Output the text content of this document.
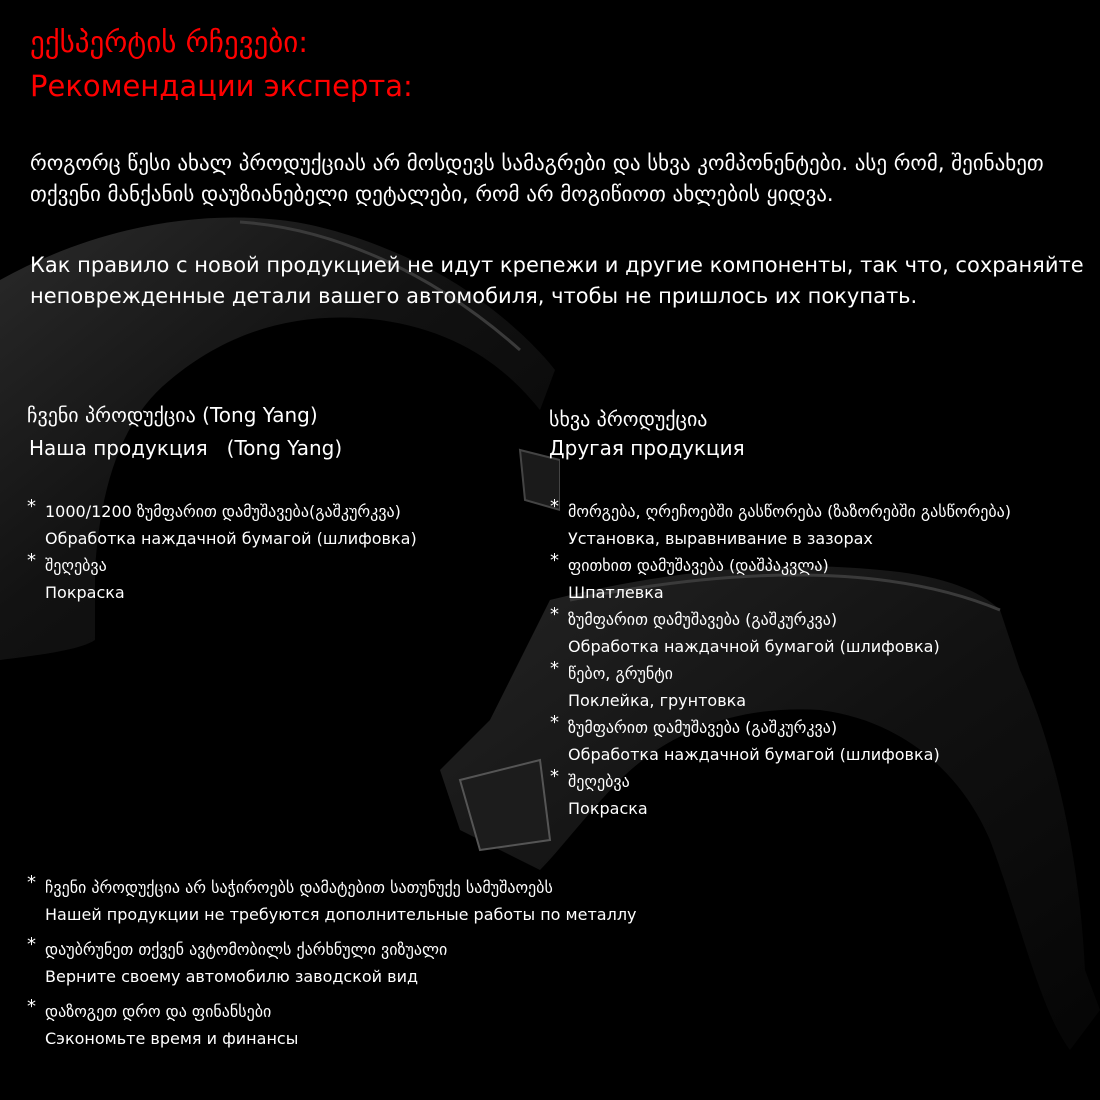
ექსპერტის რჩევები:
Рекомендации эксперта:
როგორც წესი ახალ პროდუქციას არ მოსდევს სამაგრები და სხვა კომპონენტები. ასე რომ, შეინახეთ თქვენი მანქანის დაუზიანებელი დეტალები, რომ არ მოგიწიოთ ახლების ყიდვა.
Как правило с новой продукцией не идут крепежи и другие компоненты, так что, сохраняйте неповрежденные детали вашего автомобиля, чтобы не пришлось их покупать.
ჩვენი პროდუქცია (Tong Yang)
Наша продукция   (Tong Yang)
სხვა პროდუქცია
Другая продукция
* 1000/1200 ზუმფარით დამუშავება(გაშკურკვა)
Обработка наждачной бумагой (шлифовка)
* შეღებვა
Покраска
* მორგება, ღრეჩოებში გასწორება (ზაზორებში გასწორება)
Установка, выравнивание в зазорах
* ფითხით დამუშავება (დაშპაკვლა)
Шпатлевка
* ზუმფარით დამუშავება (გაშკურკვა)
Обработка наждачной бумагой (шлифовка)
* წებო, გრუნტი
Поклейка, грунтовка
* ზუმფარით დამუშავება (გაშკურკვა)
Обработка наждачной бумагой (шлифовка)
* შეღებვა
Покраска
* ჩვენი პროდუქცია არ საჭიროებს დამატებით სათუნუქე სამუშაოებს
Нашей продукции не требуются дополнительные работы по металлу
* დაუბრუნეთ თქვენ ავტომობილს ქარხნული ვიზუალი
Верните своему автомобилю заводской вид
* დაზოგეთ დრო და ფინანსები
Сэкономьте время и финансы
